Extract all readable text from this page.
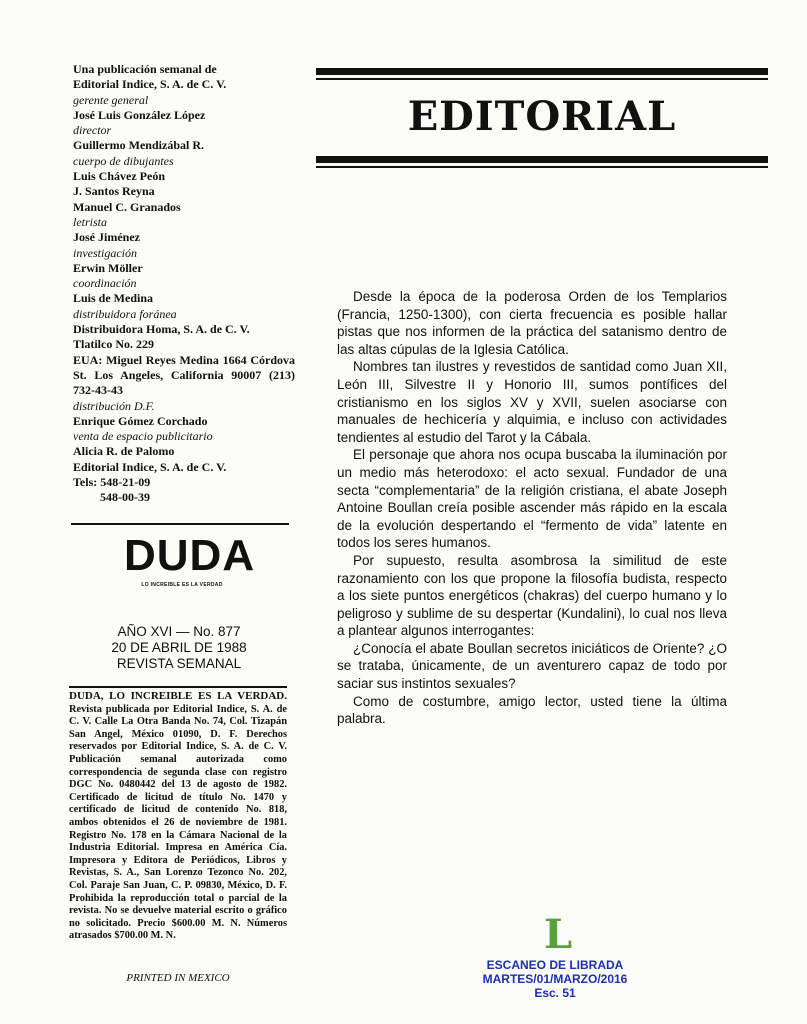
Una publicación semanal de
Editorial Indice, S. A. de C. V.
gerente general
José Luis González López
director
Guillermo Mendizábal R.
cuerpo de dibujantes
Luis Chávez Peón
J. Santos Reyna
Manuel C. Granados
letrista
José Jiménez
investigación
Erwin Möller
coordinación
Luis de Medina
distribuidora foránea
Distribuidora Homa, S. A. de C. V.
Tlatilco No. 229
EUA: Miguel Reyes Medina 1664 Córdova St. Los Angeles, California 90007 (213) 732-43-43
distribución D.F.
Enrique Gómez Corchado
venta de espacio publicitario
Alicia R. de Palomo
Editorial Indice, S. A. de C. V.
Tels: 548-21-09
548-00-39
DUDA
LO INCREIBLE ES LA VERDAD
AÑO XVI — No. 877
20 DE ABRIL DE 1988
REVISTA SEMANAL
DUDA, LO INCREIBLE ES LA VERDAD. Revista publicada por Editorial Indice, S. A. de C. V. Calle La Otra Banda No. 74, Col. Tizapán San Angel, México 01090, D. F. Derechos reservados por Editorial Indice, S. A. de C. V. Publicación semanal autorizada como correspondencia de segunda clase con registro DGC No. 0480442 del 13 de agosto de 1982. Certificado de licitud de título No. 1470 y certificado de licitud de contenido No. 818, ambos obtenidos el 26 de noviembre de 1981. Registro No. 178 en la Cámara Nacional de la Industria Editorial. Impresa en América Cía. Impresora y Editora de Periódicos, Libros y Revistas, S. A., San Lorenzo Tezonco No. 202, Col. Paraje San Juan, C. P. 09830, México, D. F. Prohibida la reproducción total o parcial de la revista. No se devuelve material escrito o gráfico no solicitado. Precio $600.00 M. N. Números atrasados $700.00 M. N.
PRINTED IN MEXICO
EDITORIAL

Desde la época de la poderosa Orden de los Templarios (Francia, 1250-1300), con cierta frecuencia es posible hallar pistas que nos informen de la práctica del satanismo dentro de las altas cúpulas de la Iglesia Católica.

Nombres tan ilustres y revestidos de santidad como Juan XII, León III, Silvestre II y Honorio III, sumos pontífices del cristianismo en los siglos XV y XVII, suelen asociarse con manuales de hechicería y alquimia, e incluso con actividades tendientes al estudio del Tarot y la Cábala.

El personaje que ahora nos ocupa buscaba la iluminación por un medio más heterodoxo: el acto sexual. Fundador de una secta “complementaria” de la religión cristiana, el abate Joseph Antoine Boullan creía posible ascender más rápido en la escala de la evolución despertando el “fermento de vida” latente en todos los seres humanos.

Por supuesto, resulta asombrosa la similitud de este razonamiento con los que propone la filosofía budista, respecto a los siete puntos energéticos (chakras) del cuerpo humano y lo peligroso y sublime de su despertar (Kundalini), lo cual nos lleva a plantear algunos interrogantes:

¿Conocía el abate Boullan secretos iniciáticos de Oriente? ¿O se trataba, únicamente, de un aventurero capaz de todo por saciar sus instintos sexuales?

Como de costumbre, amigo lector, usted tiene la última palabra.

L
ESCANEO DE LIBRADA
MARTES/01/MARZO/2016
Esc. 51
